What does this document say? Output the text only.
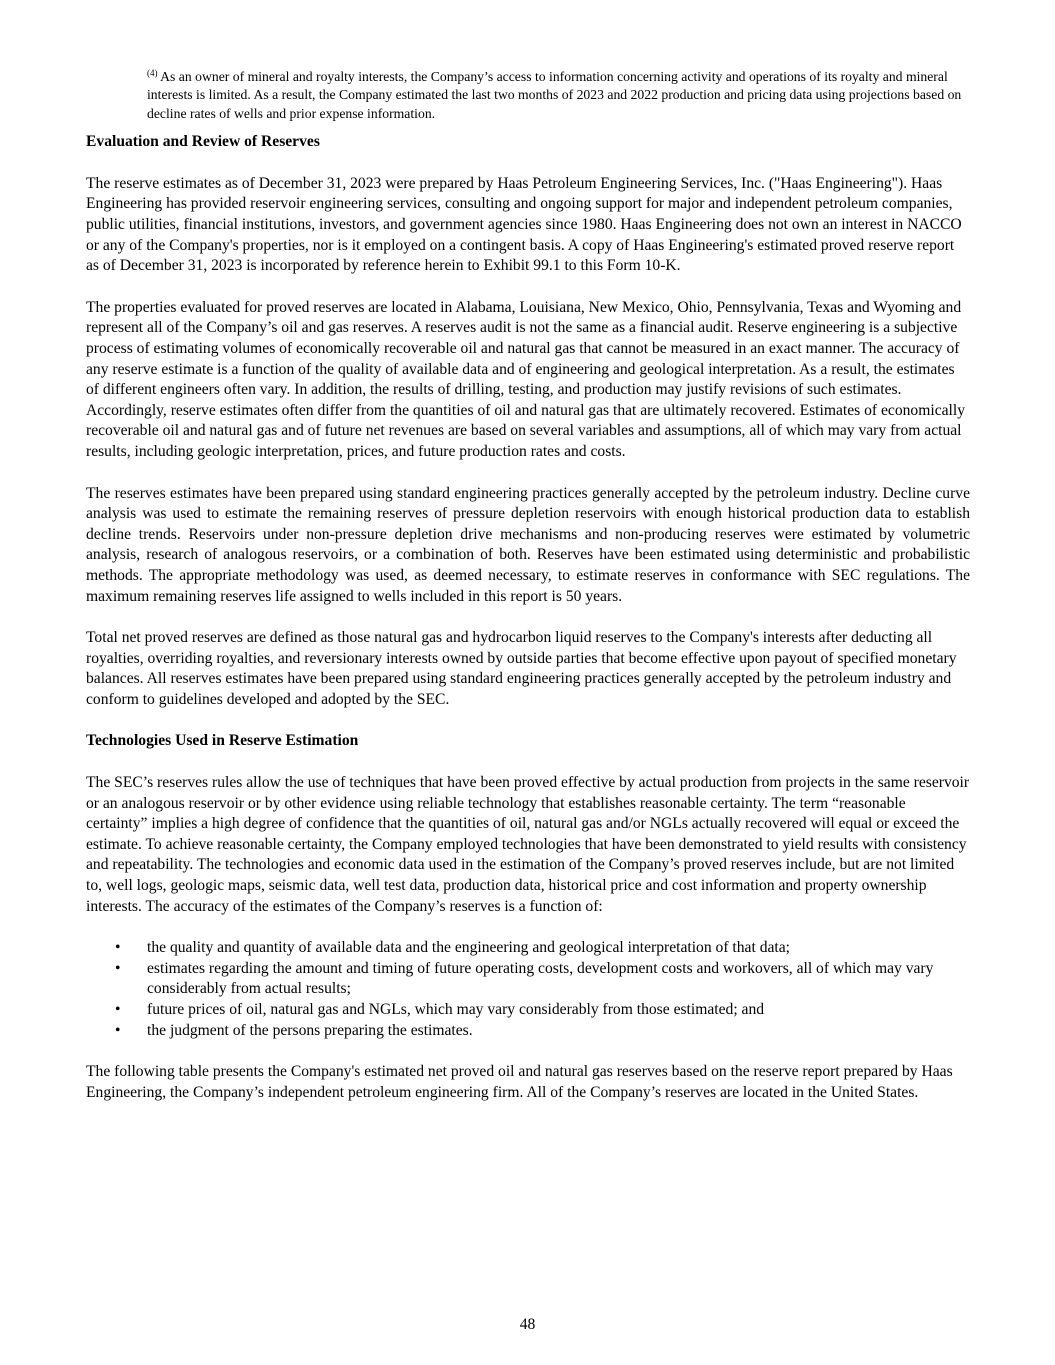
$^{(4)}$ As an owner of mineral and royalty interests, the Company’s access to information concerning activity and operations of its royalty and mineral interests is limited. As a result, the Company estimated the last two months of 2023 and 2022 production and pricing data using projections based on decline rates of wells and prior expense information.

Evaluation and Review of Reserves

The reserve estimates as of December 31, 2023 were prepared by Haas Petroleum Engineering Services, Inc. ("Haas Engineering"). Haas Engineering has provided reservoir engineering services, consulting and ongoing support for major and independent petroleum companies, public utilities, financial institutions, investors, and government agencies since 1980. Haas Engineering does not own an interest in NACCO or any of the Company's properties, nor is it employed on a contingent basis. A copy of Haas Engineering's estimated proved reserve report as of December 31, 2023 is incorporated by reference herein to Exhibit 99.1 to this Form 10-K.

The properties evaluated for proved reserves are located in Alabama, Louisiana, New Mexico, Ohio, Pennsylvania, Texas and Wyoming and represent all of the Company’s oil and gas reserves. A reserves audit is not the same as a financial audit. Reserve engineering is a subjective process of estimating volumes of economically recoverable oil and natural gas that cannot be measured in an exact manner. The accuracy of any reserve estimate is a function of the quality of available data and of engineering and geological interpretation. As a result, the estimates of different engineers often vary. In addition, the results of drilling, testing, and production may justify revisions of such estimates. Accordingly, reserve estimates often differ from the quantities of oil and natural gas that are ultimately recovered. Estimates of economically recoverable oil and natural gas and of future net revenues are based on several variables and assumptions, all of which may vary from actual results, including geologic interpretation, prices, and future production rates and costs.

The reserves estimates have been prepared using standard engineering practices generally accepted by the petroleum industry. Decline curve analysis was used to estimate the remaining reserves of pressure depletion reservoirs with enough historical production data to establish decline trends. Reservoirs under non-pressure depletion drive mechanisms and non-producing reserves were estimated by volumetric analysis, research of analogous reservoirs, or a combination of both. Reserves have been estimated using deterministic and probabilistic methods. The appropriate methodology was used, as deemed necessary, to estimate reserves in conformance with SEC regulations. The maximum remaining reserves life assigned to wells included in this report is 50 years.

Total net proved reserves are defined as those natural gas and hydrocarbon liquid reserves to the Company's interests after deducting all royalties, overriding royalties, and reversionary interests owned by outside parties that become effective upon payout of specified monetary balances. All reserves estimates have been prepared using standard engineering practices generally accepted by the petroleum industry and conform to guidelines developed and adopted by the SEC.

Technologies Used in Reserve Estimation

The SEC’s reserves rules allow the use of techniques that have been proved effective by actual production from projects in the same reservoir or an analogous reservoir or by other evidence using reliable technology that establishes reasonable certainty. The term “reasonable certainty” implies a high degree of confidence that the quantities of oil, natural gas and/or NGLs actually recovered will equal or exceed the estimate. To achieve reasonable certainty, the Company employed technologies that have been demonstrated to yield results with consistency and repeatability. The technologies and economic data used in the estimation of the Company’s proved reserves include, but are not limited to, well logs, geologic maps, seismic data, well test data, production data, historical price and cost information and property ownership interests. The accuracy of the estimates of the Company’s reserves is a function of:

•	the quality and quantity of available data and the engineering and geological interpretation of that data;
•	estimates regarding the amount and timing of future operating costs, development costs and workovers, all of which may vary considerably from actual results;
•	future prices of oil, natural gas and NGLs, which may vary considerably from those estimated; and
•	the judgment of the persons preparing the estimates.

The following table presents the Company's estimated net proved oil and natural gas reserves based on the reserve report prepared by Haas Engineering, the Company’s independent petroleum engineering firm. All of the Company’s reserves are located in the United States.

48
